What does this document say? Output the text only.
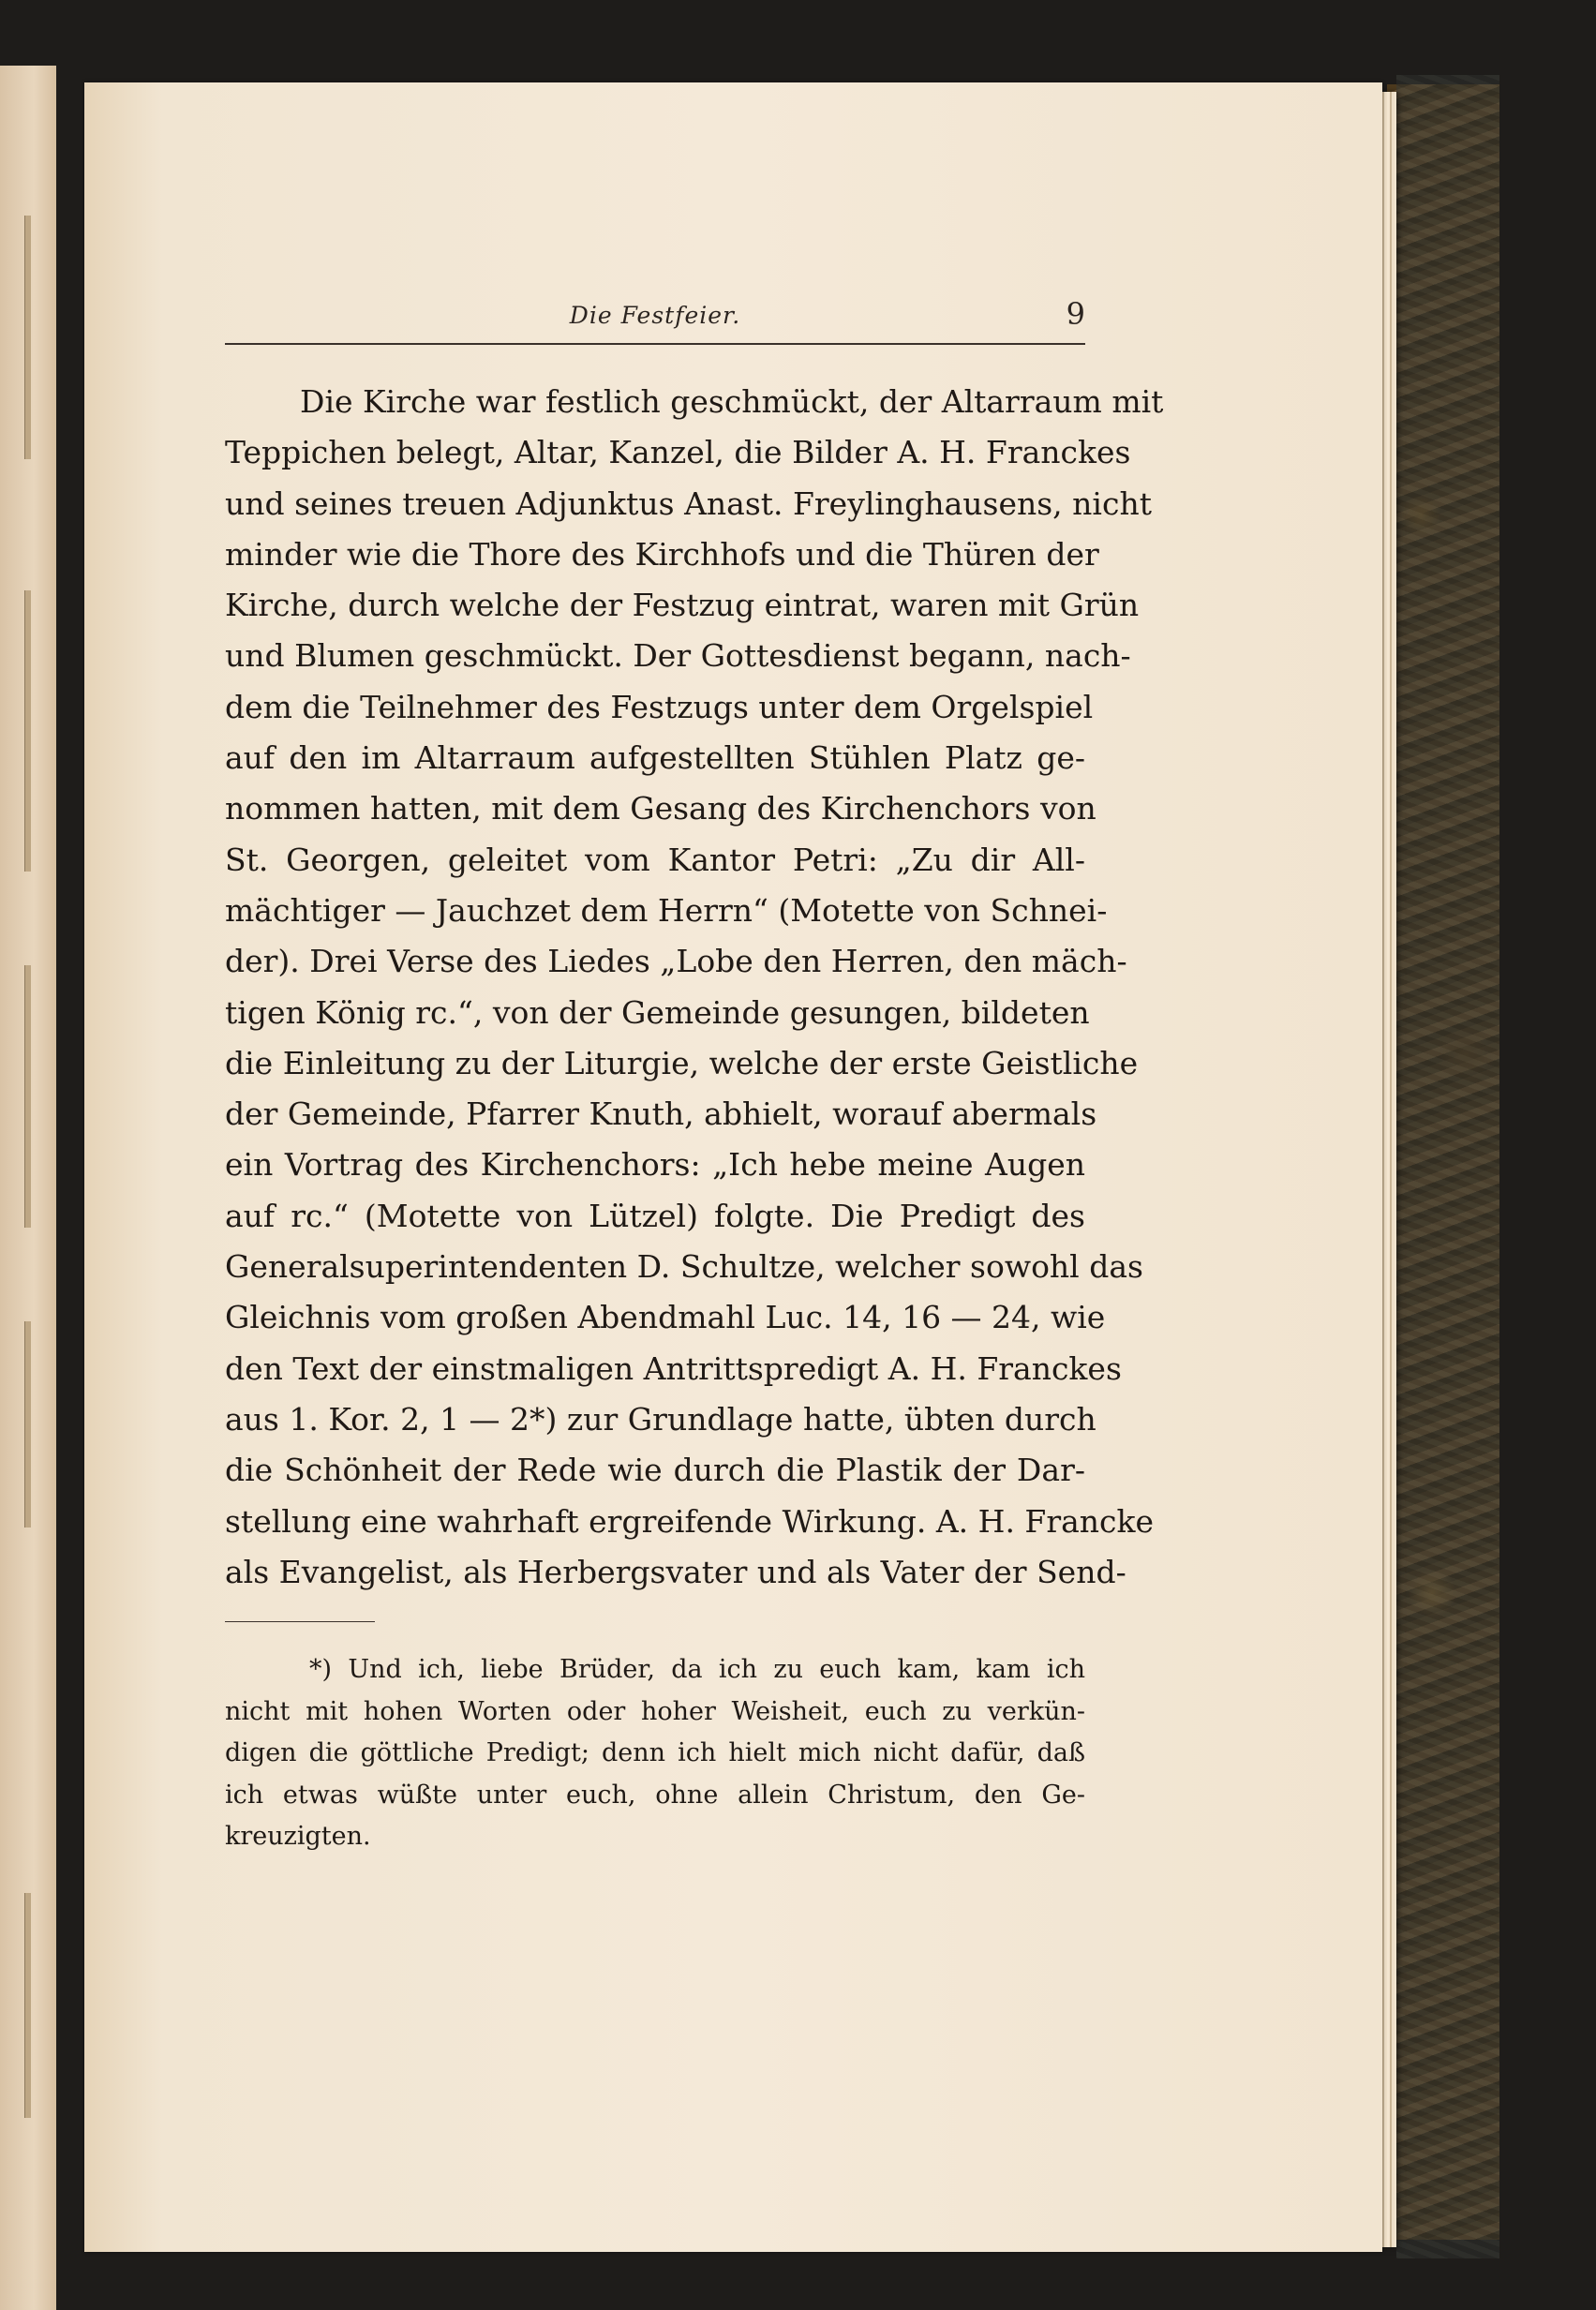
Die Festfeier.	9
Die Kirche war festlich geschmückt, der Altarraum mit
Teppichen belegt, Altar, Kanzel, die Bilder A. H. Franckes
und seines treuen Adjunktus Anast. Freylinghausens, nicht
minder wie die Thore des Kirchhofs und die Thüren der
Kirche, durch welche der Festzug eintrat, waren mit Grün
und Blumen geschmückt. Der Gottesdienst begann, nach-
dem die Teilnehmer des Festzugs unter dem Orgelspiel
auf den im Altarraum aufgestellten Stühlen Platz ge-
nommen hatten, mit dem Gesang des Kirchenchors von
St. Georgen, geleitet vom Kantor Petri: „Zu dir All-
mächtiger — Jauchzet dem Herrn“ (Motette von Schnei-
der). Drei Verse des Liedes „Lobe den Herren, den mäch-
tigen König rc.“, von der Gemeinde gesungen, bildeten
die Einleitung zu der Liturgie, welche der erste Geistliche
der Gemeinde, Pfarrer Knuth, abhielt, worauf abermals
ein Vortrag des Kirchenchors: „Ich hebe meine Augen
auf rc.“ (Motette von Lützel) folgte. Die Predigt des
Generalsuperintendenten D. Schultze, welcher sowohl das
Gleichnis vom großen Abendmahl Luc. 14, 16 — 24, wie
den Text der einstmaligen Antrittspredigt A. H. Franckes
aus 1. Kor. 2, 1 — 2*) zur Grundlage hatte, übten durch
die Schönheit der Rede wie durch die Plastik der Dar-
stellung eine wahrhaft ergreifende Wirkung. A. H. Francke
als Evangelist, als Herbergsvater und als Vater der Send-
*) Und ich, liebe Brüder, da ich zu euch kam, kam ich
nicht mit hohen Worten oder hoher Weisheit, euch zu verkün-
digen die göttliche Predigt; denn ich hielt mich nicht dafür, daß
ich etwas wüßte unter euch, ohne allein Christum, den Ge-
kreuzigten.
